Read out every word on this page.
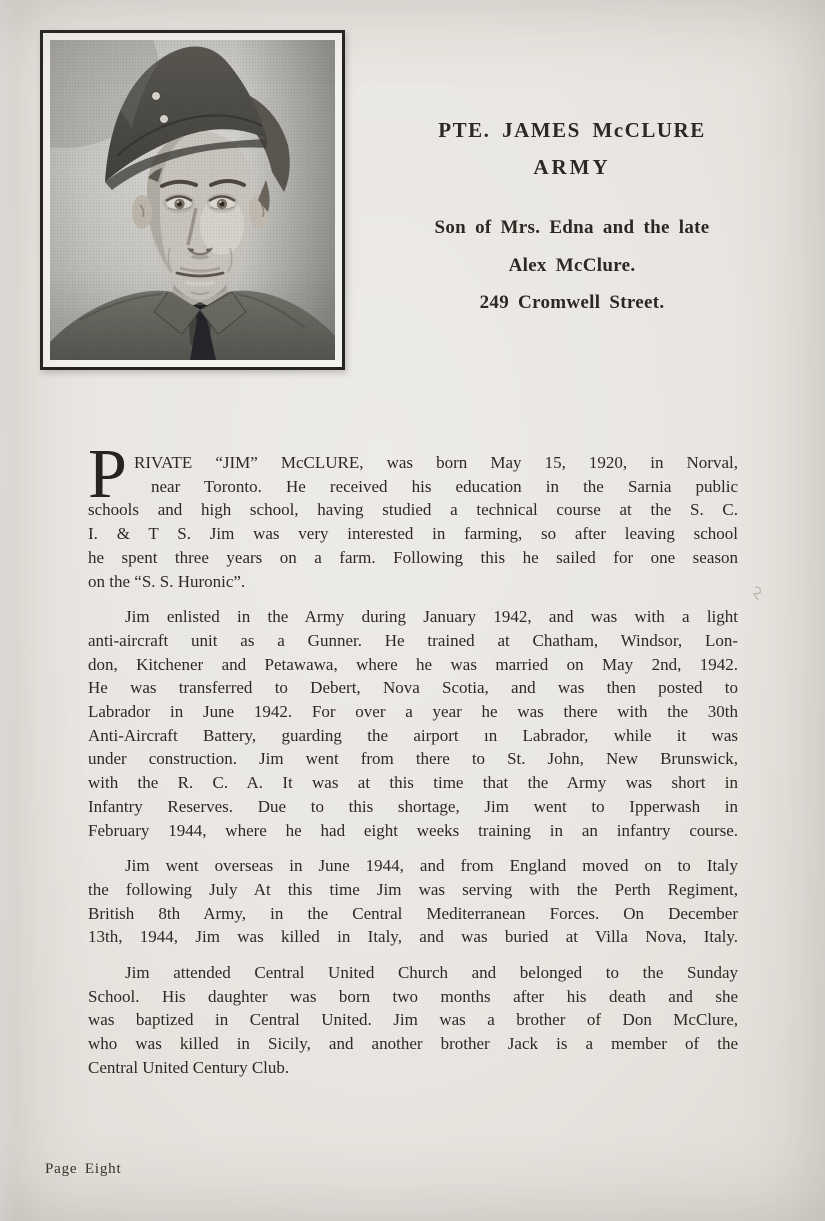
PTE. JAMES McCLURE
ARMY
Son of Mrs. Edna and the late
Alex McClure.
249 Cromwell Street.
P RIVATE “JIM” McCLURE, was born May 15, 1920, in Norval,
near Toronto. He received his education in the Sarnia public
schools and high school, having studied a technical course at the S. C.
I. & T S. Jim was very interested in farming, so after leaving school
he spent three years on a farm. Following this he sailed for one season
on the “S. S. Huronic”.
Jim enlisted in the Army during January 1942, and was with a light
anti-aircraft unit as a Gunner. He trained at Chatham, Windsor, Lon-
don, Kitchener and Petawawa, where he was married on May 2nd, 1942.
He was transferred to Debert, Nova Scotia, and was then posted to
Labrador in June 1942. For over a year he was there with the 30th
Anti-Aircraft Battery, guarding the airport ın Labrador, while it was
under construction. Jim went from there to St. John, New Brunswick,
with the R. C. A. It was at this time that the Army was short in
Infantry Reserves. Due to this shortage, Jim went to Ipperwash in
February 1944, where he had eight weeks training in an infantry course.
Jim went overseas in June 1944, and from England moved on to Italy
the following July At this time Jim was serving with the Perth Regiment,
British 8th Army, in the Central Mediterranean Forces. On December
13th, 1944, Jim was killed in Italy, and was buried at Villa Nova, Italy.
Jim attended Central United Church and belonged to the Sunday
School. His daughter was born two months after his death and she
was baptized in Central United. Jim was a brother of Don McClure,
who was killed in Sicily, and another brother Jack is a member of the
Central United Century Club.
Page Eight
